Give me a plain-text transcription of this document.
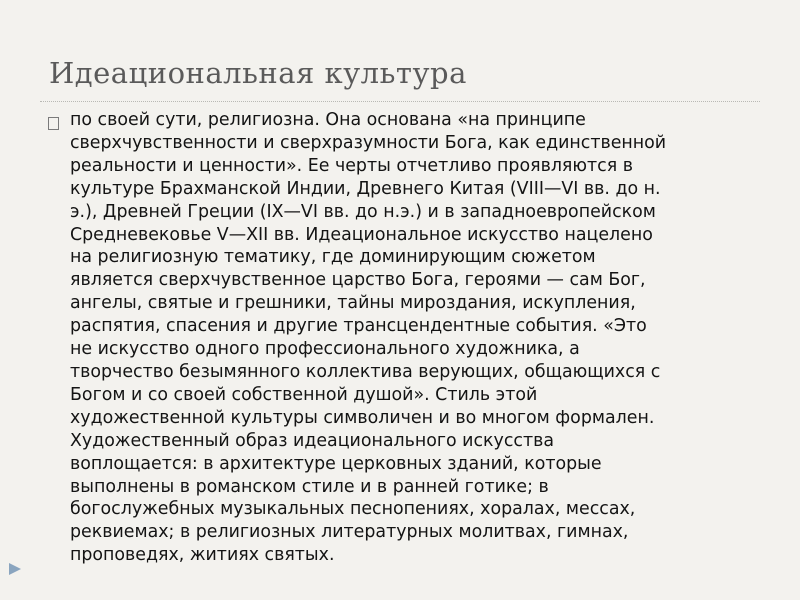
Идеациональная культура

по своей сути, религиозна. Она основана «на принципе
сверхчувственности и сверхразумности Бога, как единственной
реальности и ценности». Ее черты отчетливо проявляются в
культуре Брахманской Индии, Древнего Китая (VIII—VI вв. до н.
э.), Древней Греции (IX—VI вв. до н.э.) и в западноевропейском
Средневековье V—XII вв. Идеациональное искусство нацелено
на религиозную тематику, где доминирующим сюжетом
является сверхчувственное царство Бога, героями — сам Бог,
ангелы, святые и грешники, тайны мироздания, искупления,
распятия, спасения и другие трансцендентные события. «Это
не искусство одного профессионального художника, а
творчество безымянного коллектива верующих, общающихся с
Богом и со своей собственной душой». Стиль этой
художественной культуры символичен и во многом формален.
Художественный образ идеационального искусства
воплощается: в архитектуре церковных зданий, которые
выполнены в романском стиле и в ранней готике; в
богослужебных музыкальных песнопениях, хоралах, мессах,
реквиемах; в религиозных литературных молитвах, гимнах,
проповедях, житиях святых.
